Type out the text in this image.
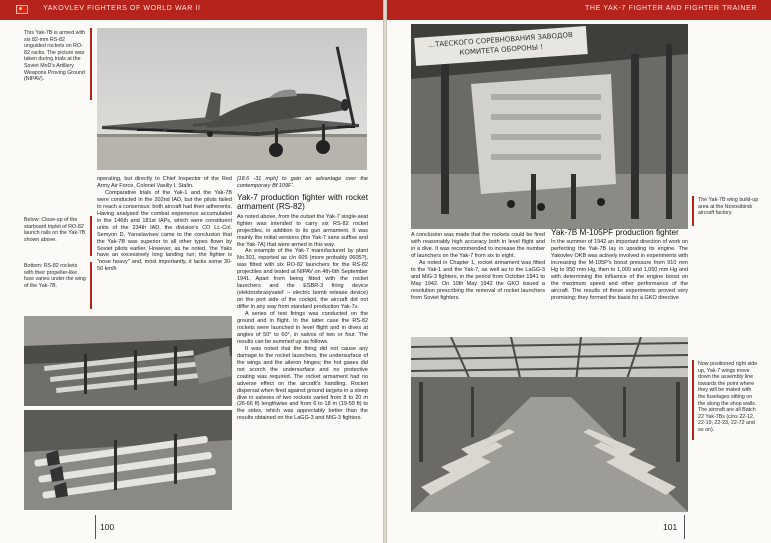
YAKOVLEV FIGHTERS OF WORLD WAR II
This Yak-7B is armed with six 82-mm RS-82 unguided rockets on RO-82 racks. The picture was taken during trials at the Soviet MoD's Artillery Weapons Proving Ground (NIPAV).
Below: Close-up of the starboard triplet of RO-82 launch rails on the Yak-7B shown above.
Bottom: RS-82 rockets with their propeller-like fuse vanes under the wing of the Yak-7B.

operating, but directly to Chief Inspector of the Red Army Air Force, Colonel Vasiliy I. Stalin.

Comparative trials of the Yak-1 and the Yak-7B were conducted in the 202nd IAD, but the pilots failed to reach a consensus: both aircraft had their adherents. Having analysed the combat experience accumulated in the 146th and 181st IAPs, which were constituent units of the 234th IAD, the division's CO Lt.-Col. Semyon D. Yaroslavtsev came to the conclusion that the Yak-7B was superior to all other types flown by Soviet pilots earlier. However, as he noted, 'the Yaks have an excessively long landing run; the fighter is "nose heavy" and, most importantly, it lacks some 30-50 km/h

[18.6 -31 mph] to gain an advantage over the contemporary Bf 109F'.

Yak-7 production fighter with rocket armament (RS-82)

As noted above, from the outset the Yak-7 single-seat fighter was intended to carry six RS-82 rocket projectiles, in addition to its gun armament. It was mainly the initial versions (the Yak-7 sans suffixe and the Yak-7A) that were armed in this way.

An example of the Yak-7 manufactured by plant No.301, reported as c/n 605 (more probably 0605?), was fitted with six RO-82 launchers for the RS-82 projectiles and tested at NIPAV on 4th-6th September 1941. Apart from being fitted with the rocket launchers and the ESBR-3 firing device (elektrosbrasyvatel' – electric bomb release device) on the port side of the cockpit, the aircraft did not differ in any way from standard production Yak-7s.

A series of test firings was conducted on the ground and in flight. In the latter case the RS-82 rockets were launched in level flight and in dives at angles of 50° to 60°, in salvos of two or four. The results can be summed up as follows.

It was noted that the firing did not cause any damage to the rocket launchers, the undersurface of the wings and the aileron hinges; the hot gases did not scorch the undersurface and no protective coating was required. The rocket armament had no adverse effect on the aircraft's handling. Rocket dispersal when fired against ground targets in a steep dive in salvoes of two rockets varied from 8 to 20 m (26-66 ft) lengthwise and from 6 to 18 m (19-59 ft) to the sides, which was appreciably better than the results obtained on the LaGG-3 and MiG-3 fighters.

100
THE YAK-7 FIGHTER AND FIGHTER TRAINER
...ТАЕСКОГО СОРЕВНОВАНИЯ ЗАВОДОВ
КОМИТЕТА ОБОРОНЫ !
The Yak-7B wing build-up area at the Novosibirsk aircraft factory.

A conclusion was made that the rockets could be fired with reasonably high accuracy both in level flight and in a dive. It was recommended to increase the number of launchers on the Yak-7 from six to eight.

As noted in Chapter 1, rocket armament was fitted to the Yak-1 and the Yak-7, as well as to the LaGG-3 and MiG-3 fighters, in the period from October 1941 to May 1942. On 10th May 1942 the GKO issued a resolution prescribing the removal of rocket launchers from Soviet fighters.

Yak-7B M-105PF production fighter

In the summer of 1942 an important direction of work on perfecting the Yak-7B lay in uprating its engine. The Yakovlev OKB was actively involved in experiments with increasing the M-105P's boost pressure from 910 mm Hg to 950 mm Hg, then to 1,000 and 1,050 mm Hg and with determining the influence of the engine boost on the maximum speed and other performance of the aircraft. The results of these experiments proved very promising; they formed the basis for a GKO directive

Now positioned right side up, Yak-7 wings move down the assembly line towards the point where they will be mated with the fuselages sitting on the along the shop walls. The aircraft are all Batch 22 Yak-7Bs (c/ns 22-12, 22-19, 22-23, 22-72 and so on).
101
